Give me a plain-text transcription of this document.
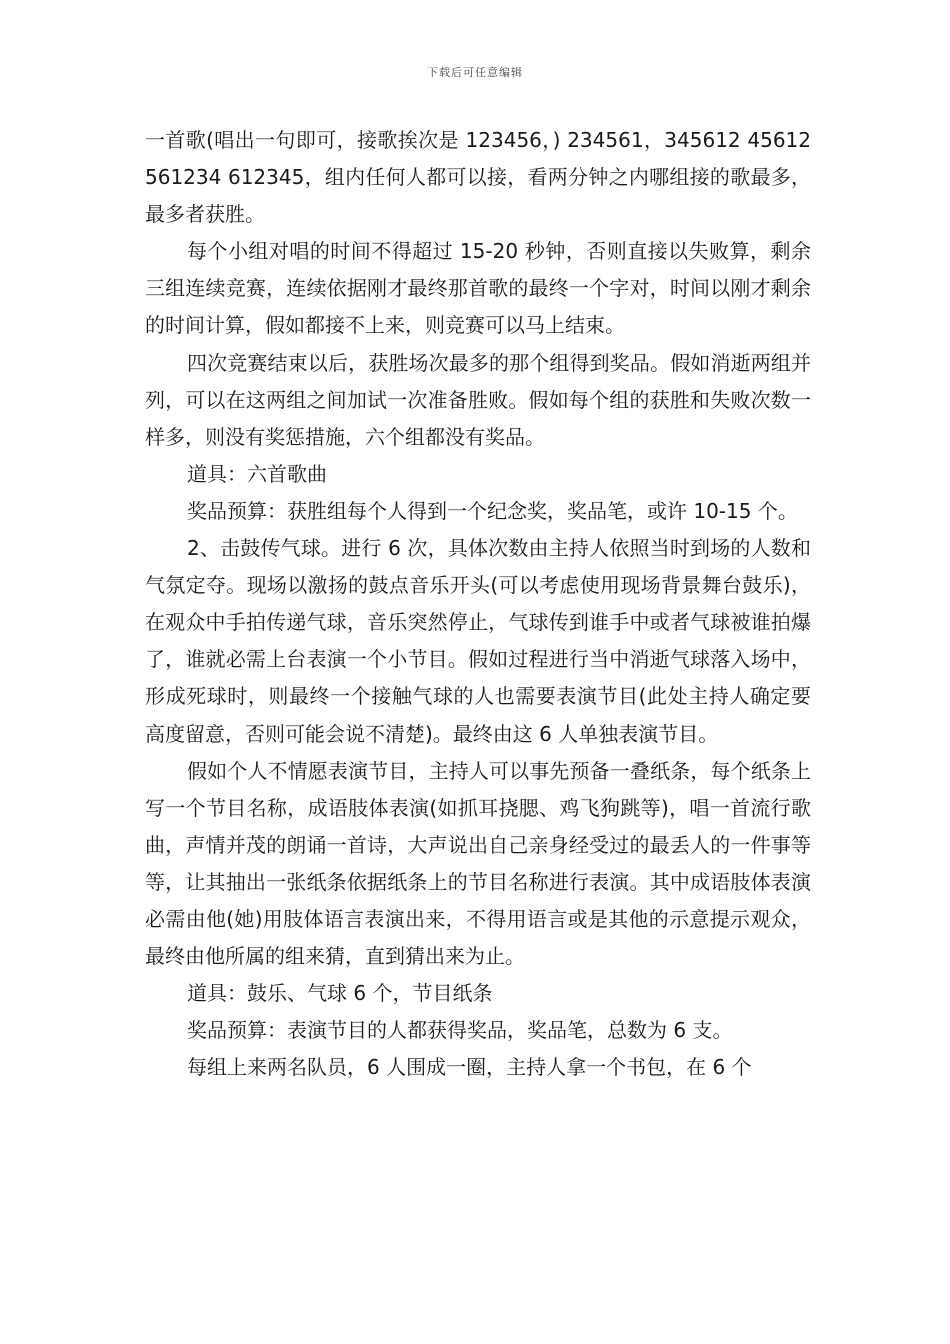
下载后可任意编辑

一首歌(唱出一句即可，接歌挨次是 123456，) 234561，345612 45612 561234 612345，组内任何人都可以接，看两分钟之内哪组接的歌最多，最多者获胜。

每个小组对唱的时间不得超过 15-20 秒钟，否则直接以失败算，剩余三组连续竞赛，连续依据刚才最终那首歌的最终一个字对，时间以刚才剩余的时间计算，假如都接不上来，则竞赛可以马上结束。

四次竞赛结束以后，获胜场次最多的那个组得到奖品。假如消逝两组并列，可以在这两组之间加试一次准备胜败。假如每个组的获胜和失败次数一样多，则没有奖惩措施，六个组都没有奖品。

道具：六首歌曲

奖品预算：获胜组每个人得到一个纪念奖，奖品笔，或许 10-15 个。

2、击鼓传气球。进行 6 次，具体次数由主持人依照当时到场的人数和气氛定夺。现场以激扬的鼓点音乐开头(可以考虑使用现场背景舞台鼓乐)，在观众中手拍传递气球，音乐突然停止，气球传到谁手中或者气球被谁拍爆了，谁就必需上台表演一个小节目。假如过程进行当中消逝气球落入场中，形成死球时，则最终一个接触气球的人也需要表演节目(此处主持人确定要高度留意，否则可能会说不清楚)。最终由这 6 人单独表演节目。

假如个人不情愿表演节目，主持人可以事先预备一叠纸条，每个纸条上写一个节目名称，成语肢体表演(如抓耳挠腮、鸡飞狗跳等)，唱一首流行歌曲，声情并茂的朗诵一首诗，大声说出自己亲身经受过的最丢人的一件事等等，让其抽出一张纸条依据纸条上的节目名称进行表演。其中成语肢体表演必需由他(她)用肢体语言表演出来，不得用语言或是其他的示意提示观众，最终由他所属的组来猜，直到猜出来为止。

道具：鼓乐、气球 6 个，节目纸条

奖品预算：表演节目的人都获得奖品，奖品笔，总数为 6 支。

每组上来两名队员，6 人围成一圈，主持人拿一个书包，在 6 个
